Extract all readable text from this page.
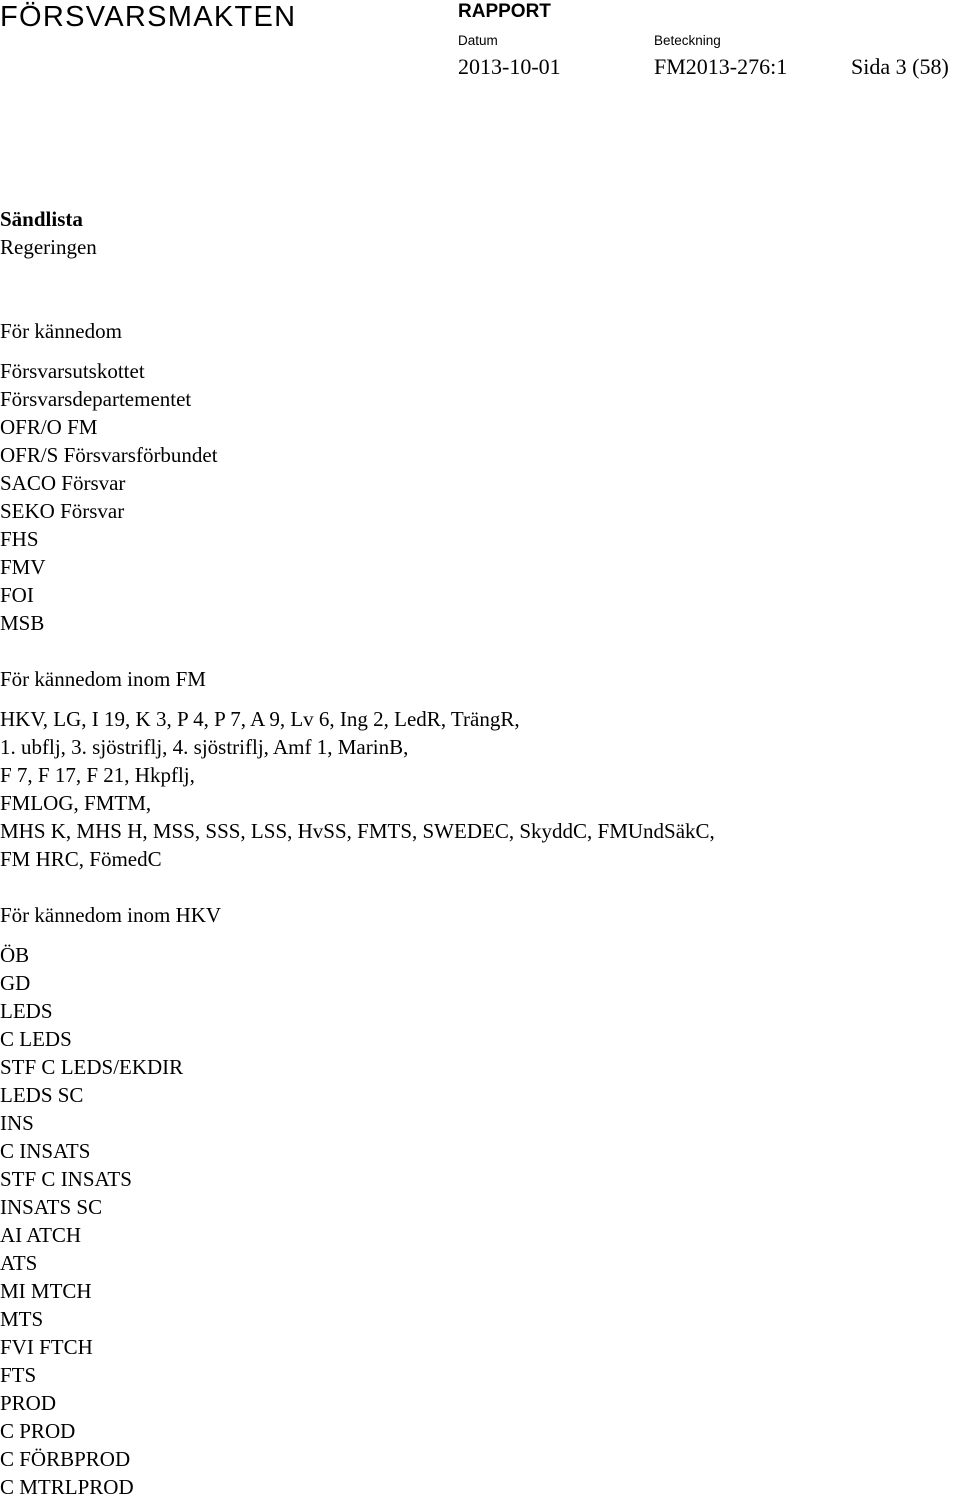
FÖRSVARSMAKTEN	RAPPORT
Datum	Beteckning
2013-10-01	FM2013-276:1	Sida 3 (58)

Sändlista

Regeringen

För kännedom

Försvarsutskottet
Försvarsdepartementet
OFR/O FM
OFR/S Försvarsförbundet
SACO Försvar
SEKO Försvar
FHS
FMV
FOI
MSB

För kännedom inom FM

HKV, LG, I 19, K 3, P 4, P 7, A 9, Lv 6, Ing 2, LedR, TrängR,
1. ubflj, 3. sjöstriflj, 4. sjöstriflj, Amf 1, MarinB,
F 7, F 17, F 21, Hkpflj,
FMLOG, FMTM,
MHS K, MHS H, MSS, SSS, LSS, HvSS, FMTS, SWEDEC, SkyddC, FMUndSäkC,
FM HRC, FömedC

För kännedom inom HKV

ÖB
GD
LEDS
C LEDS
STF C LEDS/EKDIR
LEDS SC
INS
C INSATS
STF C INSATS
INSATS SC
AI ATCH
ATS
MI MTCH
MTS
FVI FTCH
FTS
PROD
C PROD
C FÖRBPROD
C MTRLPROD
